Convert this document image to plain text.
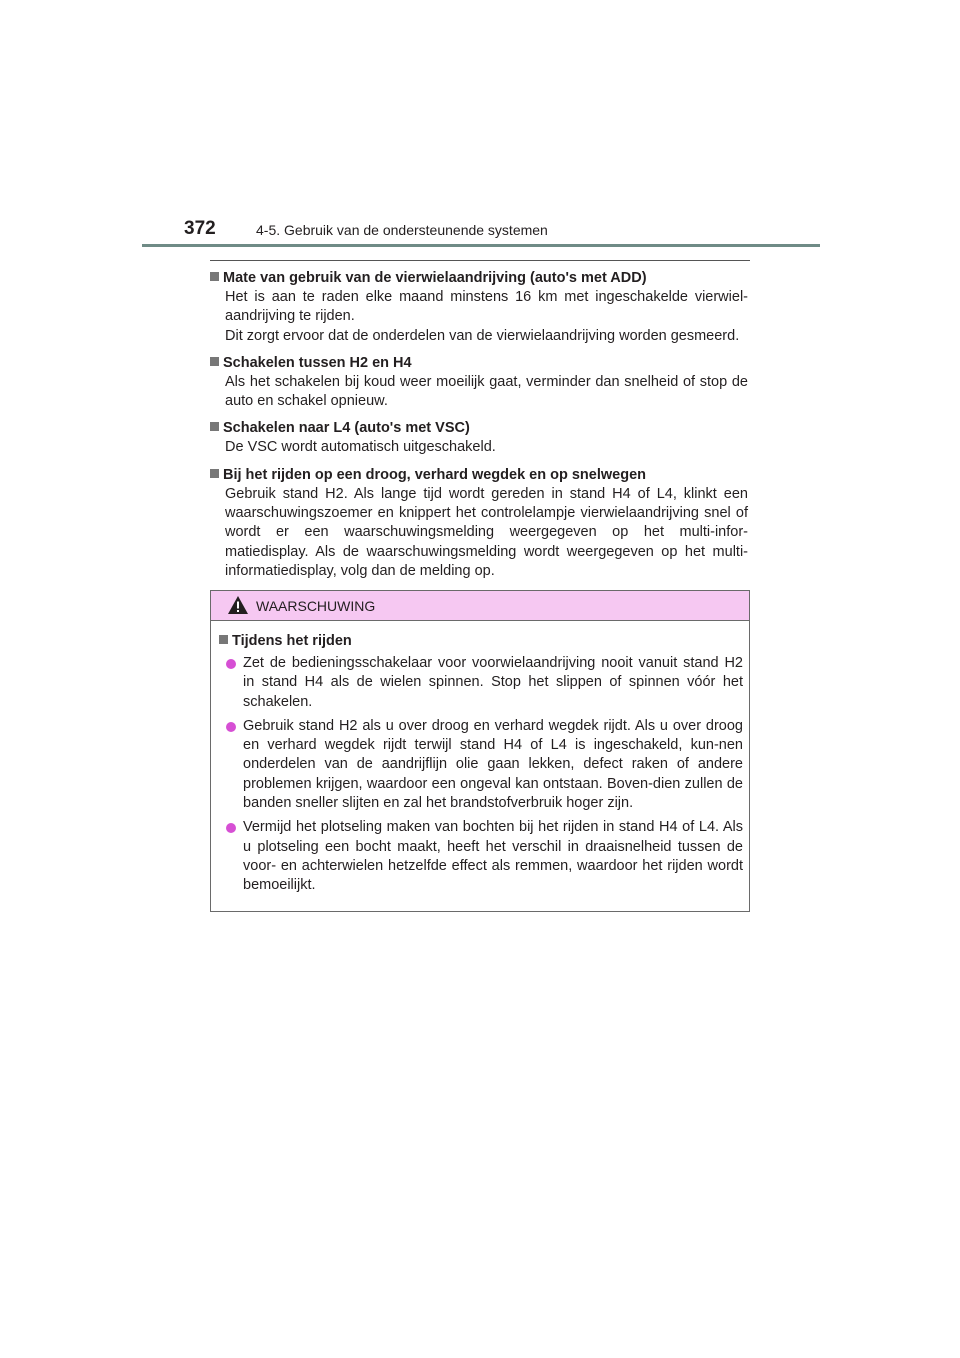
372	4-5. Gebruik van de ondersteunende systemen
Mate van gebruik van de vierwielaandrijving (auto's met ADD)
Het is aan te raden elke maand minstens 16 km met ingeschakelde vierwiel-aandrijving te rijden.
Dit zorgt ervoor dat de onderdelen van de vierwielaandrijving worden gesmeerd.
Schakelen tussen H2 en H4
Als het schakelen bij koud weer moeilijk gaat, verminder dan snelheid of stop de auto en schakel opnieuw.
Schakelen naar L4 (auto's met VSC)
De VSC wordt automatisch uitgeschakeld.
Bij het rijden op een droog, verhard wegdek en op snelwegen
Gebruik stand H2. Als lange tijd wordt gereden in stand H4 of L4, klinkt een waarschuwingszoemer en knippert het controlelampje vierwielaandrijving snel of wordt er een waarschuwingsmelding weergegeven op het multi-infor-matiedisplay. Als de waarschuwingsmelding wordt weergegeven op het multi-informatiedisplay, volg dan de melding op.
WAARSCHUWING
Tijdens het rijden
Zet de bedieningsschakelaar voor voorwielaandrijving nooit vanuit stand H2 in stand H4 als de wielen spinnen. Stop het slippen of spinnen vóór het schakelen.
Gebruik stand H2 als u over droog en verhard wegdek rijdt. Als u over droog en verhard wegdek rijdt terwijl stand H4 of L4 is ingeschakeld, kun-nen onderdelen van de aandrijflijn olie gaan lekken, defect raken of andere problemen krijgen, waardoor een ongeval kan ontstaan. Boven-dien zullen de banden sneller slijten en zal het brandstofverbruik hoger zijn.
Vermijd het plotseling maken van bochten bij het rijden in stand H4 of L4. Als u plotseling een bocht maakt, heeft het verschil in draaisnelheid tussen de voor- en achterwielen hetzelfde effect als remmen, waardoor het rijden wordt bemoeilijkt.
